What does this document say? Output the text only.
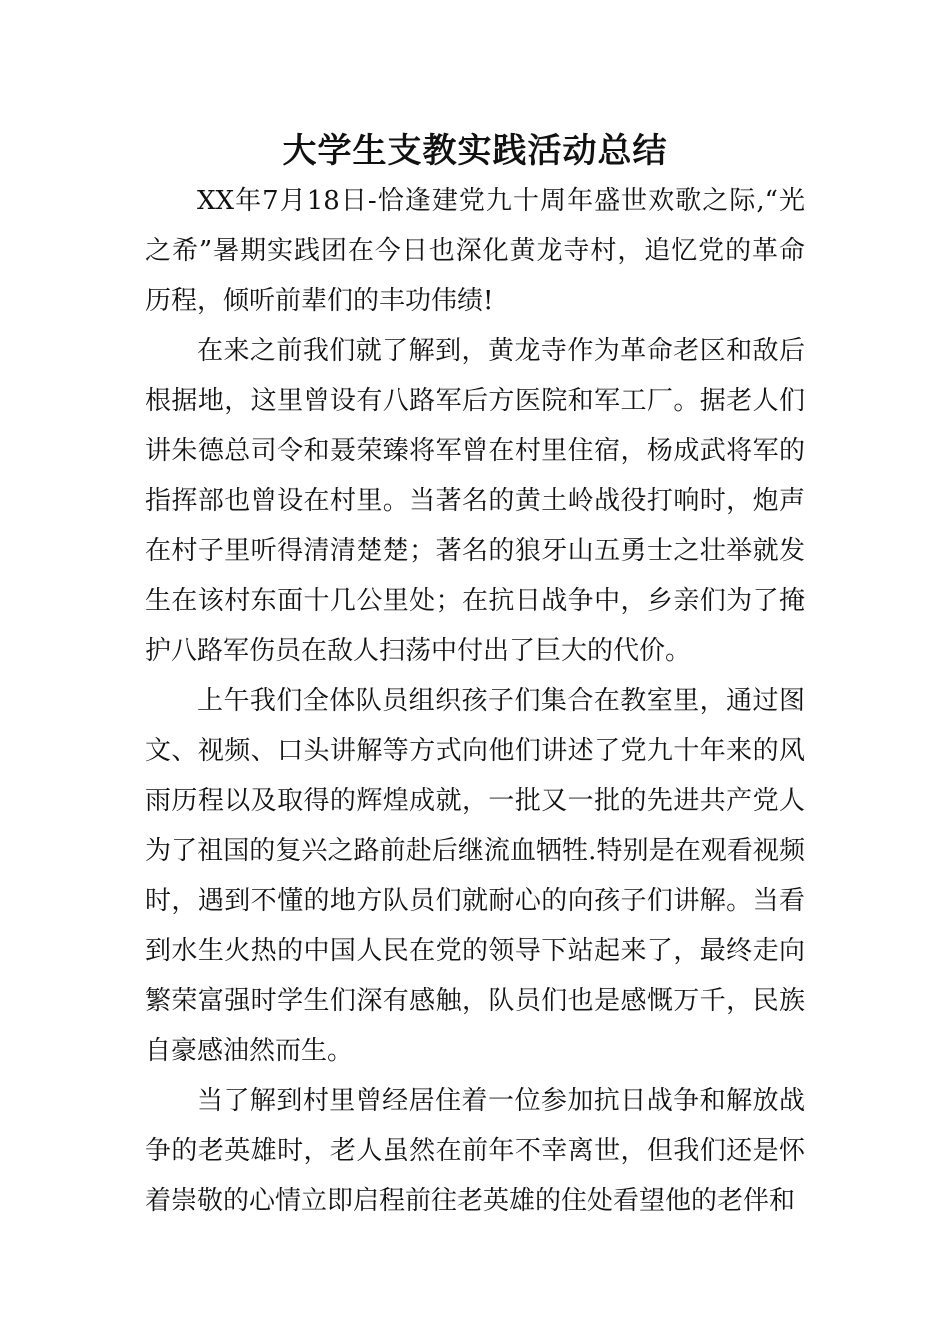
大学生支教实践活动总结

XX年7月18日-恰逢建党九十周年盛世欢歌之际,“光之希”暑期实践团在今日也深化黄龙寺村，追忆党的革命历程，倾听前辈们的丰功伟绩!

在来之前我们就了解到，黄龙寺作为革命老区和敌后根据地，这里曾设有八路军后方医院和军工厂。据老人们讲朱德总司令和聂荣臻将军曾在村里住宿，杨成武将军的指挥部也曾设在村里。当著名的黄土岭战役打响时，炮声在村子里听得清清楚楚；著名的狼牙山五勇士之壮举就发生在该村东面十几公里处；在抗日战争中，乡亲们为了掩护八路军伤员在敌人扫荡中付出了巨大的代价。

上午我们全体队员组织孩子们集合在教室里，通过图文、视频、口头讲解等方式向他们讲述了党九十年来的风雨历程以及取得的辉煌成就，一批又一批的先进共产党人为了祖国的复兴之路前赴后继流血牺牲.特别是在观看视频时，遇到不懂的地方队员们就耐心的向孩子们讲解。当看到水生火热的中国人民在党的领导下站起来了，最终走向繁荣富强时学生们深有感触，队员们也是感慨万千，民族自豪感油然而生。

当了解到村里曾经居住着一位参加抗日战争和解放战争的老英雄时，老人虽然在前年不幸离世，但我们还是怀着崇敬的心情立即启程前往老英雄的住处看望他的老伴和
